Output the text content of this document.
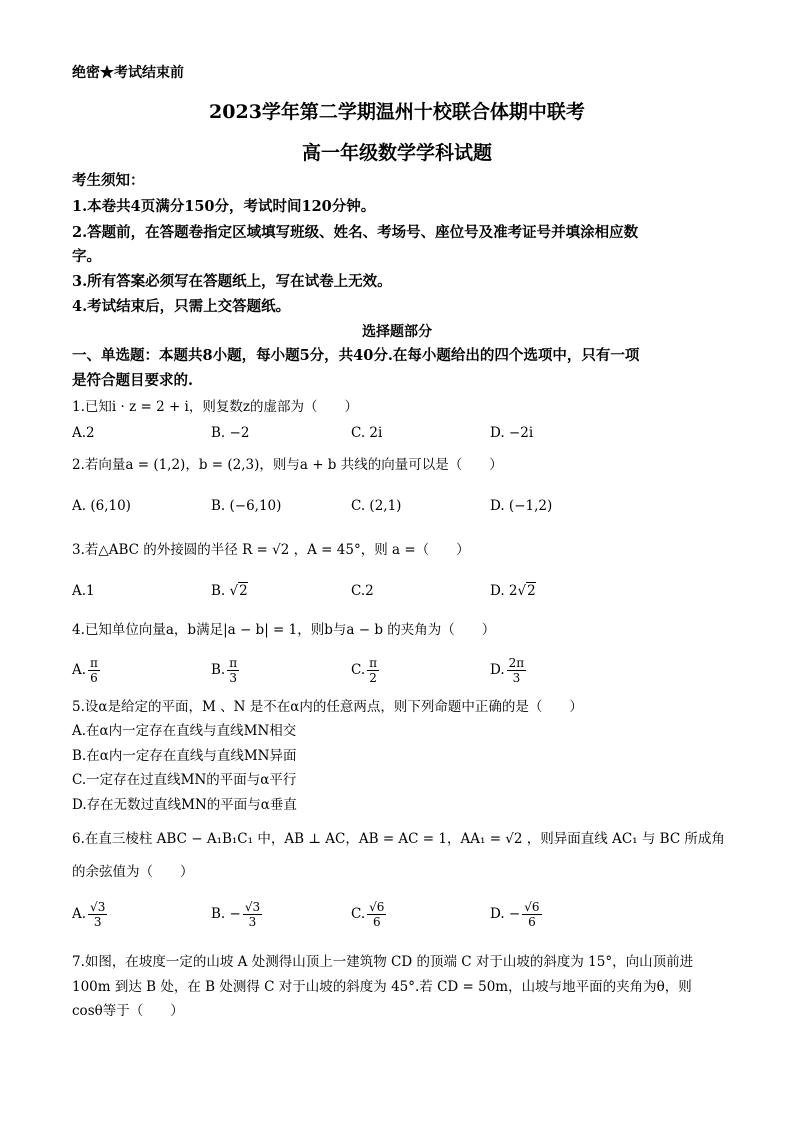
绝密★考试结束前
2023学年第二学期温州十校联合体期中联考
高一年级数学学科试题
考生须知：
1.本卷共4页满分150分，考试时间120分钟。
2.答题前，在答题卷指定区域填写班级、姓名、考场号、座位号及准考证号并填涂相应数
字。
3.所有答案必须写在答题纸上，写在试卷上无效。
4.考试结束后，只需上交答题纸。
选择题部分
一、单选题：本题共8小题，每小题5分，共40分.在每小题给出的四个选项中，只有一项
是符合题目要求的.
1.已知i · z = 2 + i，则复数z的虚部为（　　）
A.2	B. −2	C. 2i	D. −2i
2.若向量a = (1,2)，b = (2,3)，则与a + b 共线的向量可以是（　　）
A. (6,10)	B. (−6,10)	C. (2,1)	D. (−1,2)
3.若△ABC 的外接圆的半径 R = √2 ，A = 45°，则 a =（　　）
A.1	B. √2	C.2	D. 2√2
4.已知单位向量a，b满足|a − b| = 1，则b与a − b 的夹角为（　　）
A. $\frac{\pi}{6}$	B. $\frac{\pi}{3}$	C. $\frac{\pi}{2}$	D. $\frac{2\pi}{3}$
5.设α是给定的平面，M 、N 是不在α内的任意两点，则下列命题中正确的是（　　）
A.在α内一定存在直线与直线MN相交
B.在α内一定存在直线与直线MN异面
C.一定存在过直线MN的平面与α平行
D.存在无数过直线MN的平面与α垂直
6.在直三棱柱 ABC − A₁B₁C₁ 中，AB ⊥ AC，AB = AC = 1，AA₁ = √2 ，则异面直线 AC₁ 与 BC 所成角
的余弦值为（　　）
A. $\frac{√3}{3}$	B. − $\frac{√3}{3}$	C. $\frac{√6}{6}$	D. − $\frac{√6}{6}$
7.如图，在坡度一定的山坡 A 处测得山顶上一建筑物 CD 的顶端 C 对于山坡的斜度为 15°，向山顶前进
100m 到达 B 处，在 B 处测得 C 对于山坡的斜度为 45°.若 CD = 50m，山坡与地平面的夹角为θ，则
cosθ等于（　　）
